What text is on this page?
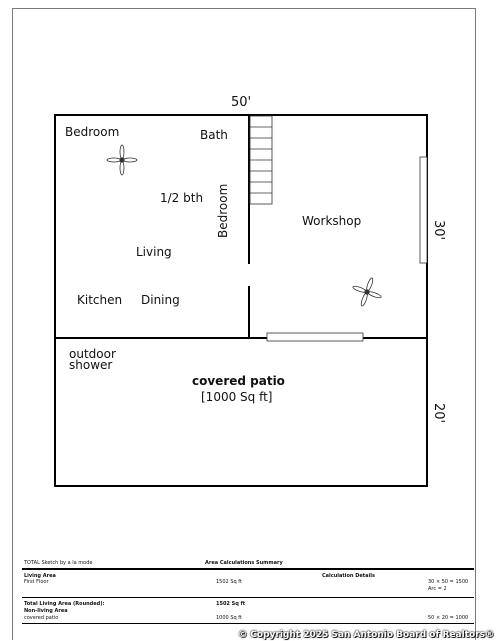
50'
30'
20'
Bedroom	Bath
1/2 bth Bedroom	Workshop
Living
Kitchen Dining
outdoor
shower
covered patio
[1000 Sq ft]
TOTAL Sketch by a la mode	Area Calculations Summary
Living Area	Calculation Details
First Floor	1502 Sq ft	30 × 50 = 1500
Arc = 2
Total Living Area (Rounded):	1502 Sq ft
Non-living Area
covered patio	1000 Sq ft	50 × 20 = 1000
© Copyright 2025 San Antonio Board of Realtors®
